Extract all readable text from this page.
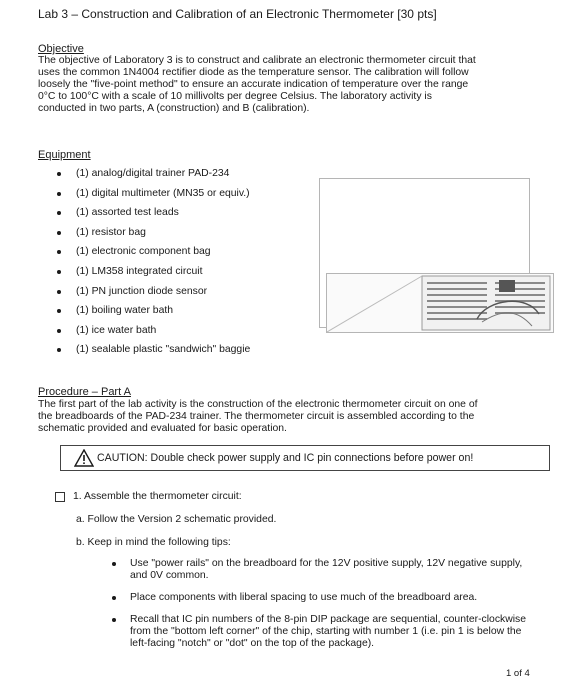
Lab 3 – Construction and Calibration of an Electronic Thermometer [30 pts]
Objective
The objective of Laboratory 3 is to construct and calibrate an electronic thermometer circuit that
uses the common 1N4004 rectifier diode as the temperature sensor. The calibration will follow
loosely the "five-point method" to ensure an accurate indication of temperature over the range
0°C to 100°C with a scale of 10 millivolts per degree Celsius. The laboratory activity is
conducted in two parts, A (construction) and B (calibration).
Equipment
(1) analog/digital trainer PAD-234
(1) digital multimeter (MN35 or equiv.)
(1) assorted test leads
(1) resistor bag
(1) electronic component bag
(1) LM358 integrated circuit
(1) PN junction diode sensor
(1) boiling water bath
(1) ice water bath
(1) sealable plastic "sandwich" baggie
Procedure – Part A
The first part of the lab activity is the construction of the electronic thermometer circuit on one of
the breadboards of the PAD-234 trainer. The thermometer circuit is assembled according to the
schematic provided and evaluated for basic operation.
CAUTION: Double check power supply and IC pin connections before power on!
1. Assemble the thermometer circuit:
a. Follow the Version 2 schematic provided.
b. Keep in mind the following tips:
Use "power rails" on the breadboard for the 12V positive supply, 12V negative supply, and 0V common.
Place components with liberal spacing to use much of the breadboard area.
Recall that IC pin numbers of the 8-pin DIP package are sequential, counter-clockwise from the "bottom left corner" of the chip, starting with number 1 (i.e. pin 1 is below the left-facing "notch" or "dot" on the top of the package).
1 of 4
